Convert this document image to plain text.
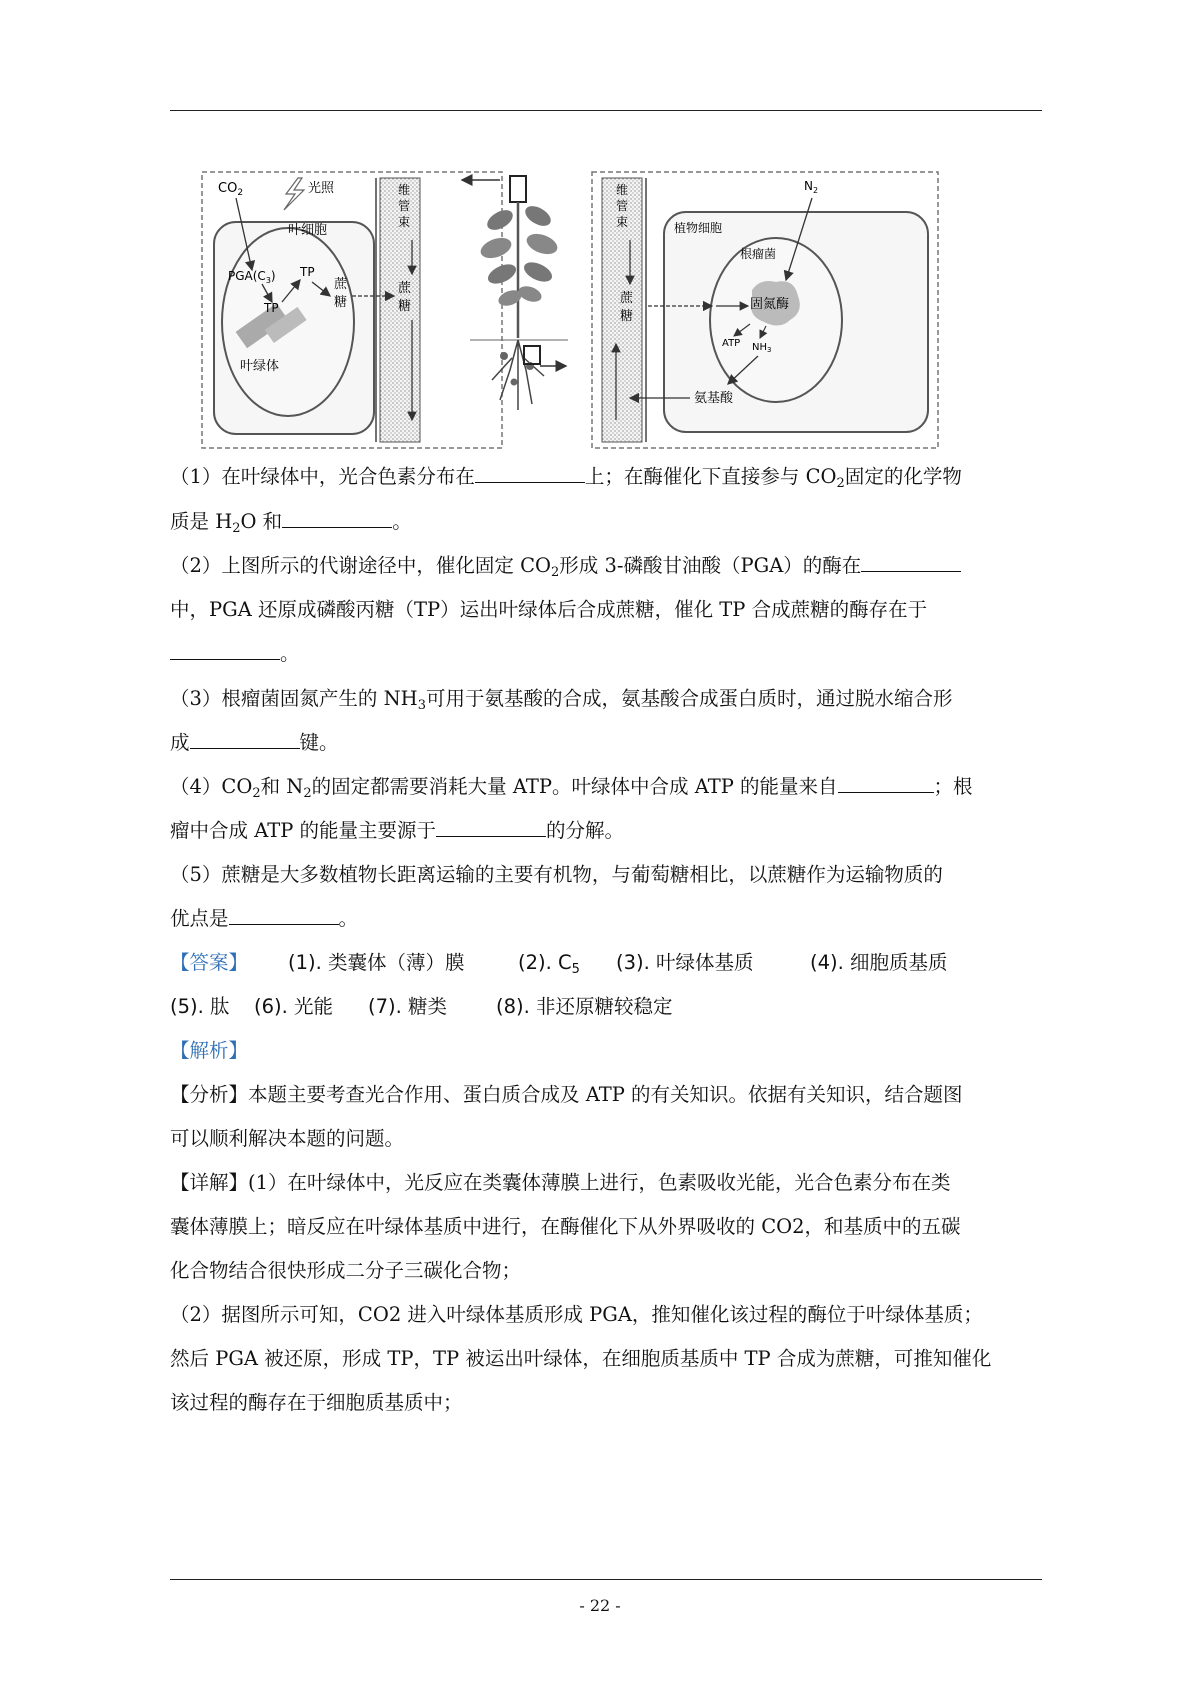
$CO_2$	光照
叶细胞
$PGA(C_3)$
TP
TP
蔗
糖
叶绿体
维
管
束
蔗
糖
维
管
束
蔗
糖
$N_2$
植物细胞
根瘤菌
固氮酶
ATP $NH_3$
氨基酸
（1）在叶绿体中，光合色素分布在	上；在酶催化下直接参与 $CO_2$固定的化学物
质是 $H_2O$ 和	。
（2）上图所示的代谢途径中，催化固定 $CO_2$形成 3-磷酸甘油酸（PGA）的酶在
中，PGA 还原成磷酸丙糖（TP）运出叶绿体后合成蔗糖，催化 TP 合成蔗糖的酶存在于
。
（3）根瘤菌固氮产生的 $NH_3$可用于氨基酸的合成，氨基酸合成蛋白质时，通过脱水缩合形
成	键。
$(4)CO_2$和 $N_2$的固定都需要消耗大量 ATP。叶绿体中合成 ATP 的能量来自	；根
瘤中合成 ATP 的能量主要源于	的分解。
（5）蔗糖是大多数植物长距离运输的主要有机物，与葡萄糖相比，以蔗糖作为运输物质的
优点是	。
【答案】 (1). 类囊体（薄）膜	(2). $C_5$ (3). 叶绿体基质	(4). 细胞质基质
(5). 肽 (6). 光能 (7). 糖类	(8). 非还原糖较稳定
【解析】
【分析】本题主要考查光合作用、蛋白质合成及 ATP 的有关知识。依据有关知识，结合题图
可以顺利解决本题的问题。
【详解】(1）在叶绿体中，光反应在类囊体薄膜上进行，色素吸收光能，光合色素分布在类
囊体薄膜上；暗反应在叶绿体基质中进行，在酶催化下从外界吸收的 CO2，和基质中的五碳
化合物结合很快形成二分子三碳化合物；
（2）据图所示可知，CO2 进入叶绿体基质形成 PGA，推知催化该过程的酶位于叶绿体基质；
然后 PGA 被还原，形成 TP，TP 被运出叶绿体，在细胞质基质中 TP 合成为蔗糖，可推知催化
该过程的酶存在于细胞质基质中；
- 22 -
